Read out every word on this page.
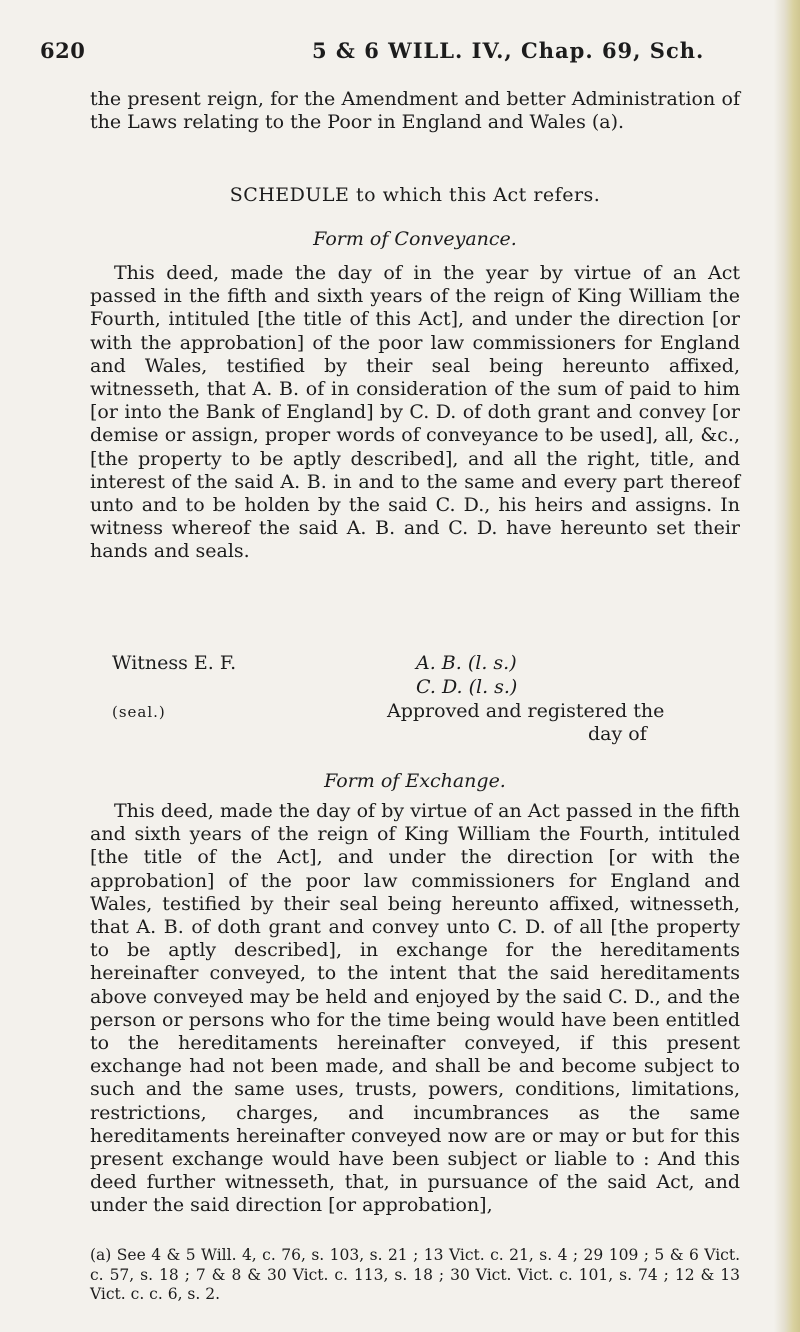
620	5 & 6 WILL. IV., Chap. 69, Sch.

the present reign, for the Amendment and better Administration of the Laws relating to the Poor in England and Wales (a).

SCHEDULE to which this Act refers.
Form of Conveyance.

This deed, made the day of in the year by virtue of an Act passed in the fifth and sixth years of the reign of King William the Fourth, intituled [the title of this Act], and under the direction [or with the approbation] of the poor law commissioners for England and Wales, testified by their seal being hereunto affixed, witnesseth, that A. B. of in consideration of the sum of paid to him [or into the Bank of England] by C. D. of doth grant and convey [or demise or assign, proper words of conveyance to be used], all, &c., [the property to be aptly described], and all the right, title, and interest of the said A. B. in and to the same and every part thereof unto and to be holden by the said C. D., his heirs and assigns. In witness whereof the said A. B. and C. D. have hereunto set their hands and seals.

Witness E. F.	A. B. (l. s.)
C. D. (l. s.)
(seal.)	Approved and registered the
day of
Form of Exchange.

This deed, made the day of by virtue of an Act passed in the fifth and sixth years of the reign of King William the Fourth, intituled [the title of the Act], and under the direction [or with the approbation] of the poor law commissioners for England and Wales, testified by their seal being hereunto affixed, witnesseth, that A. B. of doth grant and convey unto C. D. of all [the property to be aptly described], in exchange for the hereditaments hereinafter conveyed, to the intent that the said hereditaments above conveyed may be held and enjoyed by the said C. D., and the person or persons who for the time being would have been entitled to the hereditaments hereinafter conveyed, if this present exchange had not been made, and shall be and become subject to such and the same uses, trusts, powers, conditions, limitations, restrictions, charges, and incumbrances as the same hereditaments hereinafter conveyed now are or may or but for this present exchange would have been subject or liable to : And this deed further witnesseth, that, in pursuance of the said Act, and under the said direction [or approbation],

(a) See 4 & 5 Will. 4, c. 76, s. 103, s. 21 ; 13 Vict. c. 21, s. 4 ; 29 109 ; 5 & 6 Vict. c. 57, s. 18 ; 7 & 8 & 30 Vict. c. 113, s. 18 ; 30 Vict. Vict. c. 101, s. 74 ; 12 & 13 Vict. c. c. 6, s. 2.
